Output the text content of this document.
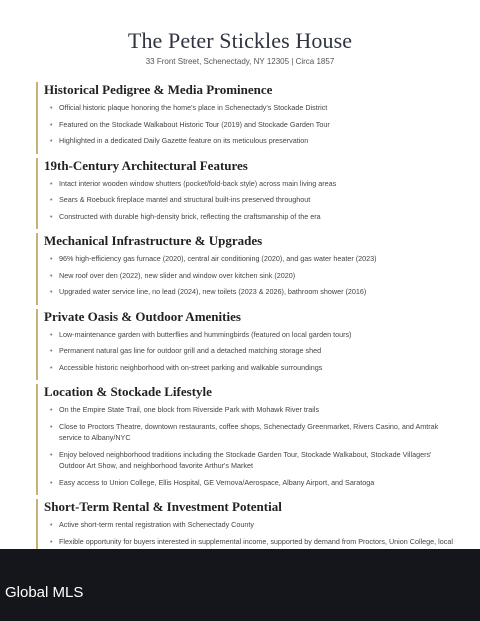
The Peter Stickles House
33 Front Street, Schenectady, NY 12305 | Circa 1857
Historical Pedigree & Media Prominence
• Official historic plaque honoring the home's place in Schenectady's Stockade District
• Featured on the Stockade Walkabout Historic Tour (2019) and Stockade Garden Tour
• Highlighted in a dedicated Daily Gazette feature on its meticulous preservation
19th-Century Architectural Features
• Intact interior wooden window shutters (pocket/fold-back style) across main living areas
• Sears & Roebuck fireplace mantel and structural built-ins preserved throughout
• Constructed with durable high-density brick, reflecting the craftsmanship of the era
Mechanical Infrastructure & Upgrades
• 96% high-efficiency gas furnace (2020), central air conditioning (2020), and gas water heater (2023)
• New roof over den (2022), new slider and window over kitchen sink (2020)
• Upgraded water service line, no lead (2024), new toilets (2023 & 2026), bathroom shower (2016)
Private Oasis & Outdoor Amenities
• Low-maintenance garden with butterflies and hummingbirds (featured on local garden tours)
• Permanent natural gas line for outdoor grill and a detached matching storage shed
• Accessible historic neighborhood with on-street parking and walkable surroundings
Location & Stockade Lifestyle
• On the Empire State Trail, one block from Riverside Park with Mohawk River trails
• Close to Proctors Theatre, downtown restaurants, coffee shops, Schenectady Greenmarket, Rivers Casino, and Amtrak service to Albany/NYC
• Enjoy beloved neighborhood traditions including the Stockade Garden Tour, Stockade Walkabout, Stockade Villagers' Outdoor Art Show, and neighborhood favorite Arthur's Market
• Easy access to Union College, Ellis Hospital, GE Vernova/Aerospace, Albany Airport, and Saratoga
Short-Term Rental & Investment Potential
• Active short-term rental registration with Schenectady County
• Flexible opportunity for buyers interested in supplemental income, supported by demand from Proctors, Union College, local
Global MLS
